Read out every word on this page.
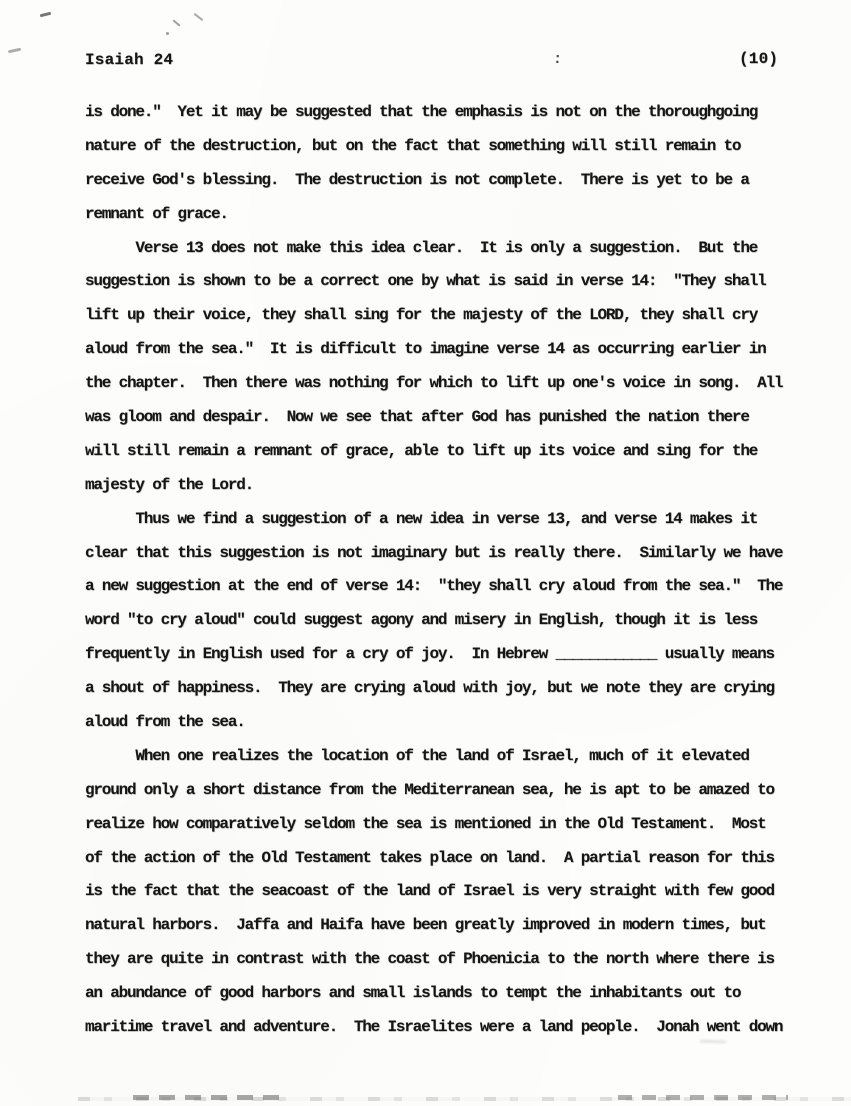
Isaiah 24	:	(10)
is done."  Yet it may be suggested that the emphasis is not on the thoroughgoing
nature of the destruction, but on the fact that something will still remain to
receive God's blessing.  The destruction is not complete.  There is yet to be a
remnant of grace.
Verse 13 does not make this idea clear.  It is only a suggestion.  But the
suggestion is shown to be a correct one by what is said in verse 14:  "They shall
lift up their voice, they shall sing for the majesty of the LORD, they shall cry
aloud from the sea."  It is difficult to imagine verse 14 as occurring earlier in
the chapter.  Then there was nothing for which to lift up one's voice in song.  All
was gloom and despair.  Now we see that after God has punished the nation there
will still remain a remnant of grace, able to lift up its voice and sing for the
majesty of the Lord.
Thus we find a suggestion of a new idea in verse 13, and verse 14 makes it
clear that this suggestion is not imaginary but is really there.  Similarly we have
a new suggestion at the end of verse 14:  "they shall cry aloud from the sea."  The
word "to cry aloud" could suggest agony and misery in English, though it is less
frequently in English used for a cry of joy.  In Hebrew ____________ usually means
a shout of happiness.  They are crying aloud with joy, but we note they are crying
aloud from the sea.
When one realizes the location of the land of Israel, much of it elevated
ground only a short distance from the Mediterranean sea, he is apt to be amazed to
realize how comparatively seldom the sea is mentioned in the Old Testament.  Most
of the action of the Old Testament takes place on land.  A partial reason for this
is the fact that the seacoast of the land of Israel is very straight with few good
natural harbors.  Jaffa and Haifa have been greatly improved in modern times, but
they are quite in contrast with the coast of Phoenicia to the north where there is
an abundance of good harbors and small islands to tempt the inhabitants out to
maritime travel and adventure.  The Israelites were a land people.  Jonah went down
